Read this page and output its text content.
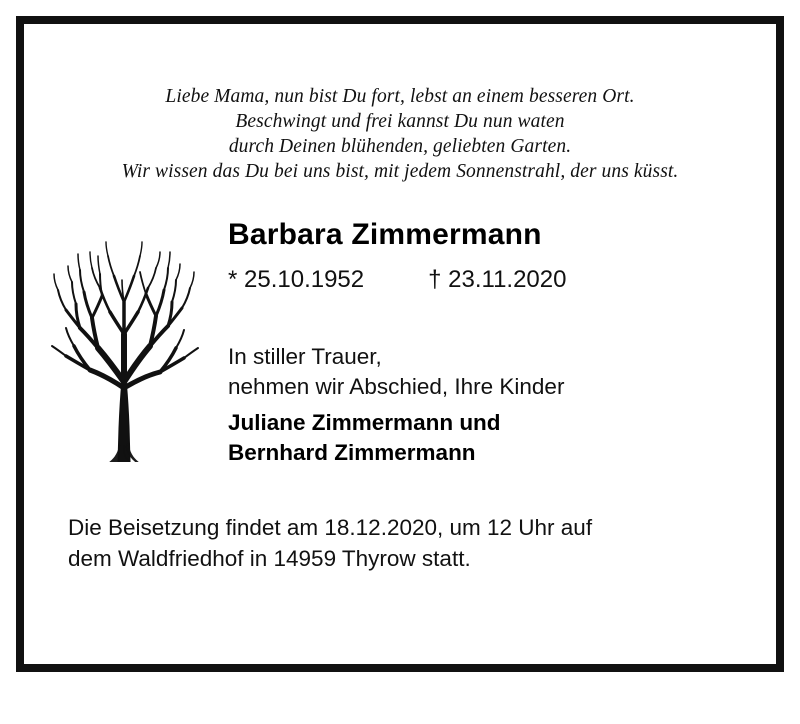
Liebe Mama, nun bist Du fort, lebst an einem besseren Ort.
Beschwingt und frei kannst Du nun waten
durch Deinen blühenden, geliebten Garten.
Wir wissen das Du bei uns bist, mit jedem Sonnenstrahl, der uns küsst.
Barbara Zimmermann
* 25.10.1952	† 23.11.2020
In stiller Trauer,
nehmen wir Abschied, Ihre Kinder
Juliane Zimmermann und
Bernhard Zimmermann
Die Beisetzung findet am 18.12.2020, um 12 Uhr auf
dem Waldfriedhof in 14959 Thyrow statt.
